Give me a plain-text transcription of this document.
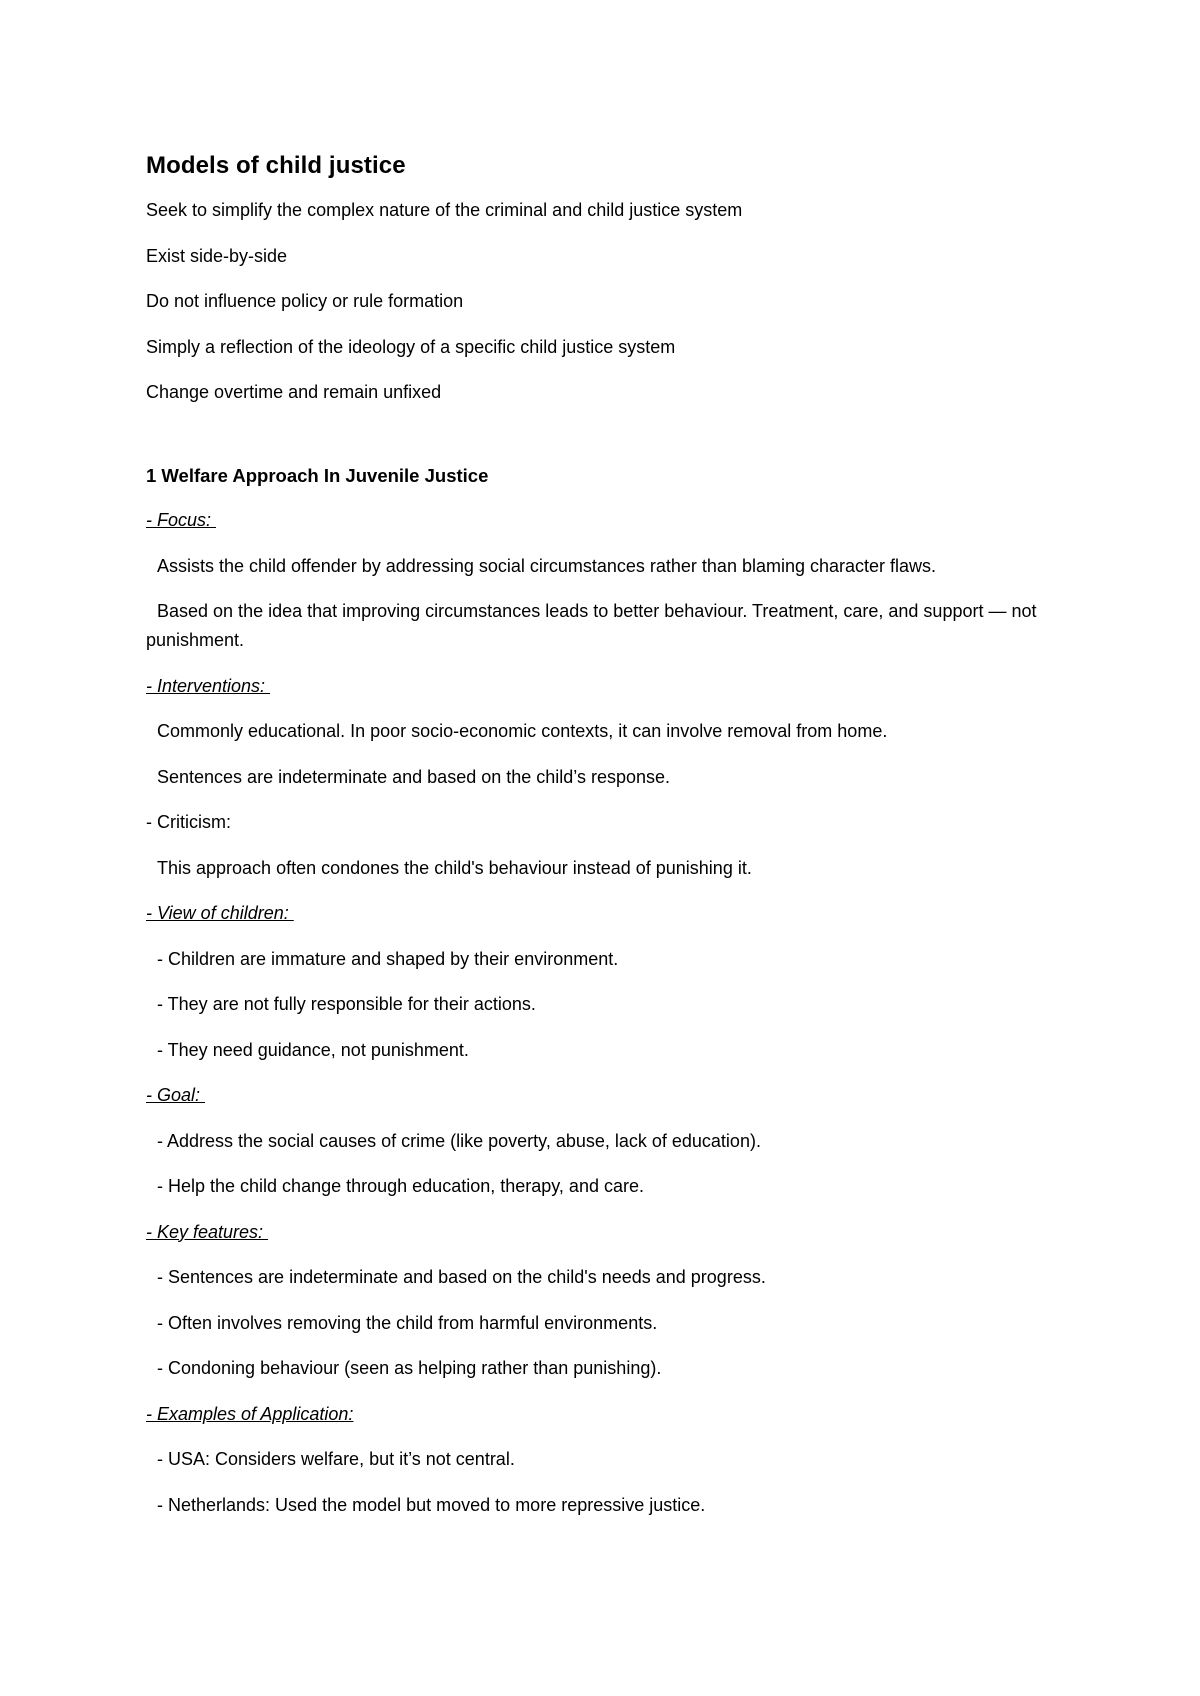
Models of child justice

Seek to simplify the complex nature of the criminal and child justice system

Exist side-by-side

Do not influence policy or rule formation

Simply a reflection of the ideology of a specific child justice system

Change overtime and remain unfixed

1 Welfare Approach In Juvenile Justice

- Focus:

Assists the child offender by addressing social circumstances rather than blaming character flaws.

Based on the idea that improving circumstances leads to better behaviour. Treatment, care, and support — not punishment.

- Interventions:

Commonly educational. In poor socio-economic contexts, it can involve removal from home.

Sentences are indeterminate and based on the child’s response.

- Criticism:

This approach often condones the child's behaviour instead of punishing it.

- View of children:

- Children are immature and shaped by their environment.

- They are not fully responsible for their actions.

- They need guidance, not punishment.

- Goal:

- Address the social causes of crime (like poverty, abuse, lack of education).

- Help the child change through education, therapy, and care.

- Key features:

- Sentences are indeterminate and based on the child's needs and progress.

- Often involves removing the child from harmful environments.

- Condoning behaviour (seen as helping rather than punishing).

- Examples of Application:

- USA: Considers welfare, but it’s not central.

- Netherlands: Used the model but moved to more repressive justice.
